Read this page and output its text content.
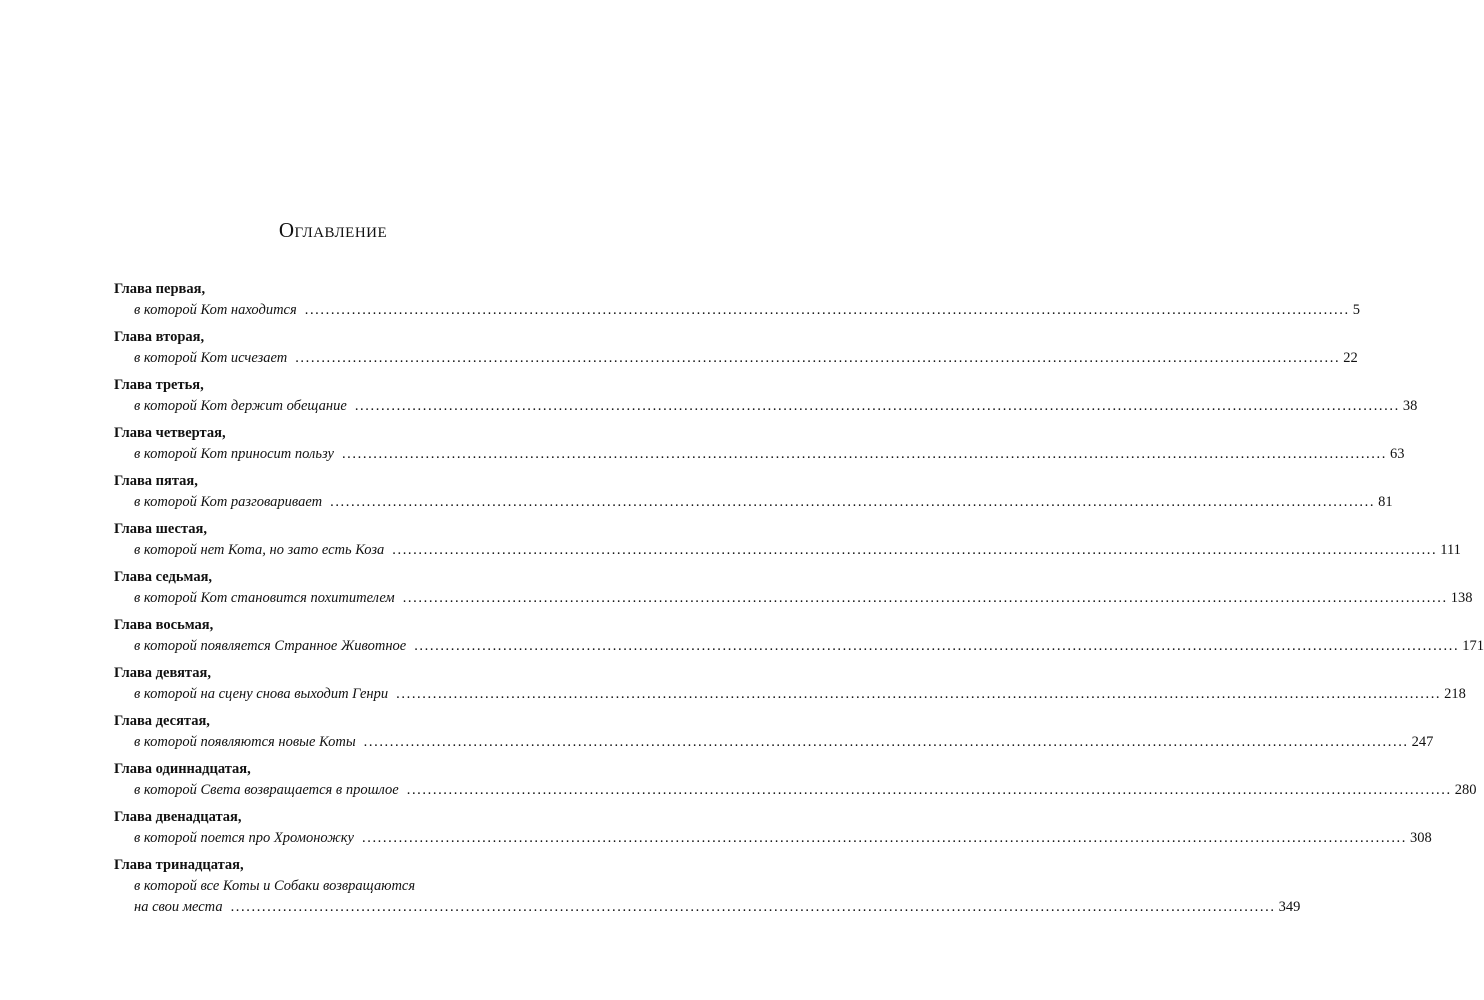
Оглавление
Глава первая,
в которой Кот находится ........................................................................................................................................................................................................ 5
Глава вторая,
в которой Кот исчезает ........................................................................................................................................................................................................ 22
Глава третья,
в которой Кот держит обещание ........................................................................................................................................................................................................ 38
Глава четвертая,
в которой Кот приносит пользу ........................................................................................................................................................................................................ 63
Глава пятая,
в которой Кот разговаривает ........................................................................................................................................................................................................ 81
Глава шестая,
в которой нет Кота, но зато есть Коза ........................................................................................................................................................................................................ 111
Глава седьмая,
в которой Кот становится похитителем ........................................................................................................................................................................................................ 138
Глава восьмая,
в которой появляется Странное Животное ........................................................................................................................................................................................................ 171
Глава девятая,
в которой на сцену снова выходит Генри ........................................................................................................................................................................................................ 218
Глава десятая,
в которой появляются новые Коты ........................................................................................................................................................................................................ 247
Глава одиннадцатая,
в которой Света возвращается в прошлое ........................................................................................................................................................................................................ 280
Глава двенадцатая,
в которой поется про Хромоножку ........................................................................................................................................................................................................ 308
Глава тринадцатая,
в которой все Коты и Собаки возвращаются
на свои места ........................................................................................................................................................................................................ 349
